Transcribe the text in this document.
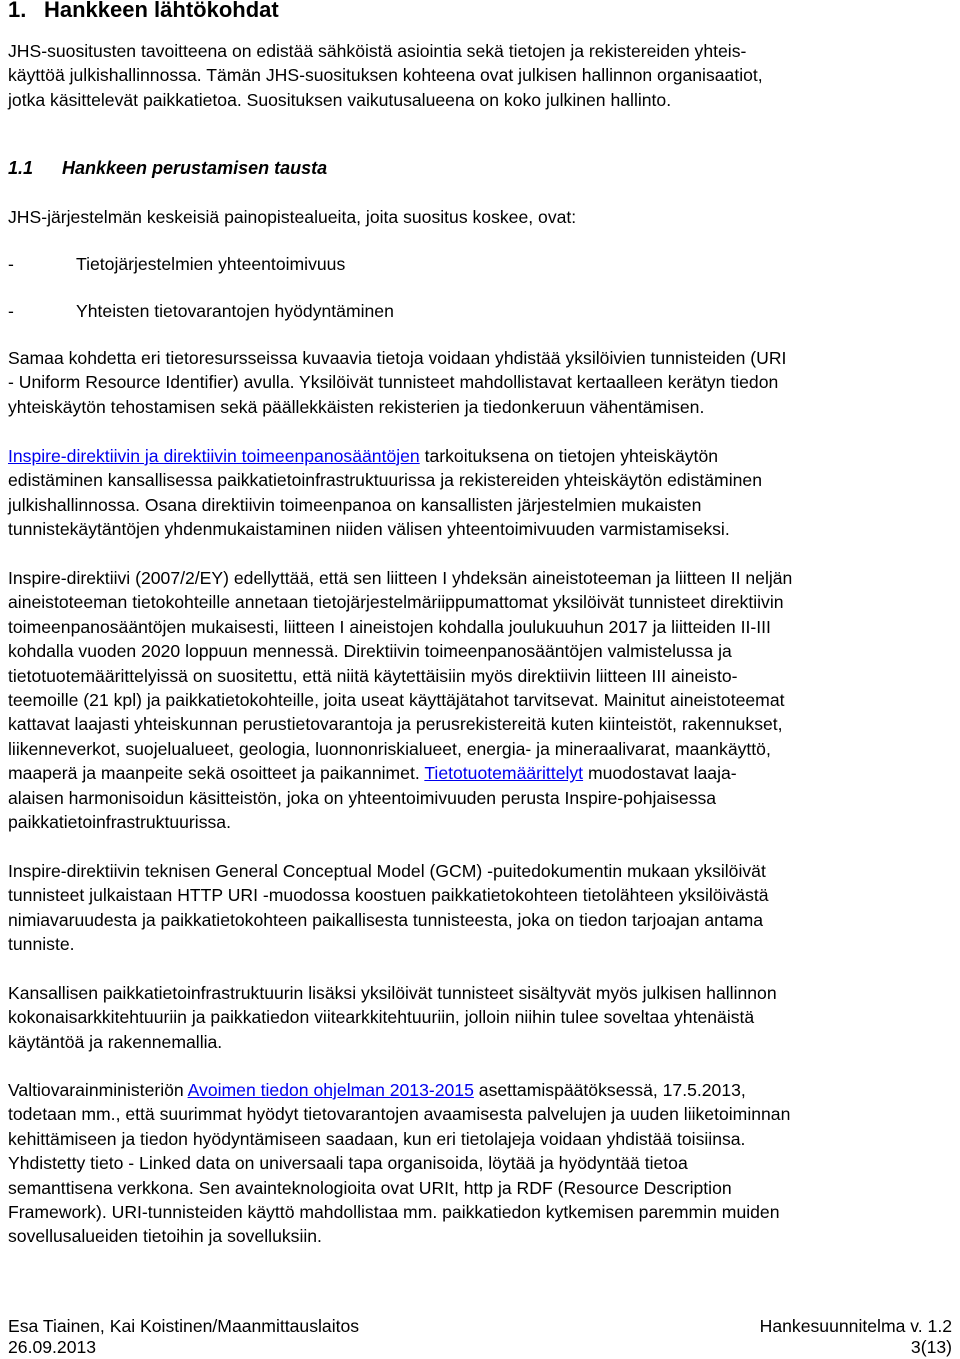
1. Hankkeen lähtökohdat

JHS-suositusten tavoitteena on edistää sähköistä asiointia sekä tietojen ja rekistereiden yhteis-
käyttöä julkishallinnossa. Tämän JHS-suosituksen kohteena ovat julkisen hallinnon organisaatiot,
jotka käsittelevät paikkatietoa. Suosituksen vaikutusalueena on koko julkinen hallinto.

1.1 Hankkeen perustamisen tausta

JHS-järjestelmän keskeisiä painopistealueita, joita suositus koskee, ovat:

-	Tietojärjestelmien yhteentoimivuus
-	Yhteisten tietovarantojen hyödyntäminen

Samaa kohdetta eri tietoresursseissa kuvaavia tietoja voidaan yhdistää yksilöivien tunnisteiden (URI
- Uniform Resource Identifier) avulla. Yksilöivät tunnisteet mahdollistavat kertaalleen kerätyn tiedon
yhteiskäytön tehostamisen sekä päällekkäisten rekisterien ja tiedonkeruun vähentämisen.

Inspire-direktiivin ja direktiivin toimeenpanosääntöjen tarkoituksena on tietojen yhteiskäytön
edistäminen kansallisessa paikkatietoinfrastruktuurissa ja rekistereiden yhteiskäytön edistäminen
julkishallinnossa. Osana direktiivin toimeenpanoa on kansallisten järjestelmien mukaisten
tunnistekäytäntöjen yhdenmukaistaminen niiden välisen yhteentoimivuuden varmistamiseksi.

Inspire-direktiivi (2007/2/EY) edellyttää, että sen liitteen I yhdeksän aineistoteeman ja liitteen II neljän
aineistoteeman tietokohteille annetaan tietojärjestelmäriippumattomat yksilöivät tunnisteet direktiivin
toimeenpanosääntöjen mukaisesti, liitteen I aineistojen kohdalla joulukuuhun 2017 ja liitteiden II-III
kohdalla vuoden 2020 loppuun mennessä. Direktiivin toimeenpanosääntöjen valmistelussa ja
tietotuotemäärittelyissä on suositettu, että niitä käytettäisiin myös direktiivin liitteen III aineisto-
teemoille (21 kpl) ja paikkatietokohteille, joita useat käyttäjätahot tarvitsevat. Mainitut aineistoteemat
kattavat laajasti yhteiskunnan perustietovarantoja ja perusrekistereitä kuten kiinteistöt, rakennukset,
liikenneverkot, suojelualueet, geologia, luonnonriskialueet, energia- ja mineraalivarat, maankäyttö,
maaperä ja maanpeite sekä osoitteet ja paikannimet. Tietotuotemäärittelyt muodostavat laaja-
alaisen harmonisoidun käsitteistön, joka on yhteentoimivuuden perusta Inspire-pohjaisessa
paikkatietoinfrastruktuurissa.

Inspire-direktiivin teknisen General Conceptual Model (GCM) -puitedokumentin mukaan yksilöivät
tunnisteet julkaistaan HTTP URI -muodossa koostuen paikkatietokohteen tietolähteen yksilöivästä
nimiavaruudesta ja paikkatietokohteen paikallisesta tunnisteesta, joka on tiedon tarjoajan antama
tunniste.

Kansallisen paikkatietoinfrastruktuurin lisäksi yksilöivät tunnisteet sisältyvät myös julkisen hallinnon
kokonaisarkkitehtuuriin ja paikkatiedon viitearkkitehtuuriin, jolloin niihin tulee soveltaa yhtenäistä
käytäntöä ja rakennemallia.

Valtiovarainministeriön Avoimen tiedon ohjelman 2013-2015 asettamispäätöksessä, 17.5.2013,
todetaan mm., että suurimmat hyödyt tietovarantojen avaamisesta palvelujen ja uuden liiketoiminnan
kehittämiseen ja tiedon hyödyntämiseen saadaan, kun eri tietolajeja voidaan yhdistää toisiinsa.
Yhdistetty tieto - Linked data on universaali tapa organisoida, löytää ja hyödyntää tietoa
semanttisena verkkona. Sen avainteknologioita ovat URIt, http ja RDF (Resource Description
Framework). URI-tunnisteiden käyttö mahdollistaa mm. paikkatiedon kytkemisen paremmin muiden
sovellusalueiden tietoihin ja sovelluksiin.

Esa Tiainen, Kai Koistinen/Maanmittauslaitos	Hankesuunnitelma v. 1.2
26.09.2013	3(13)
